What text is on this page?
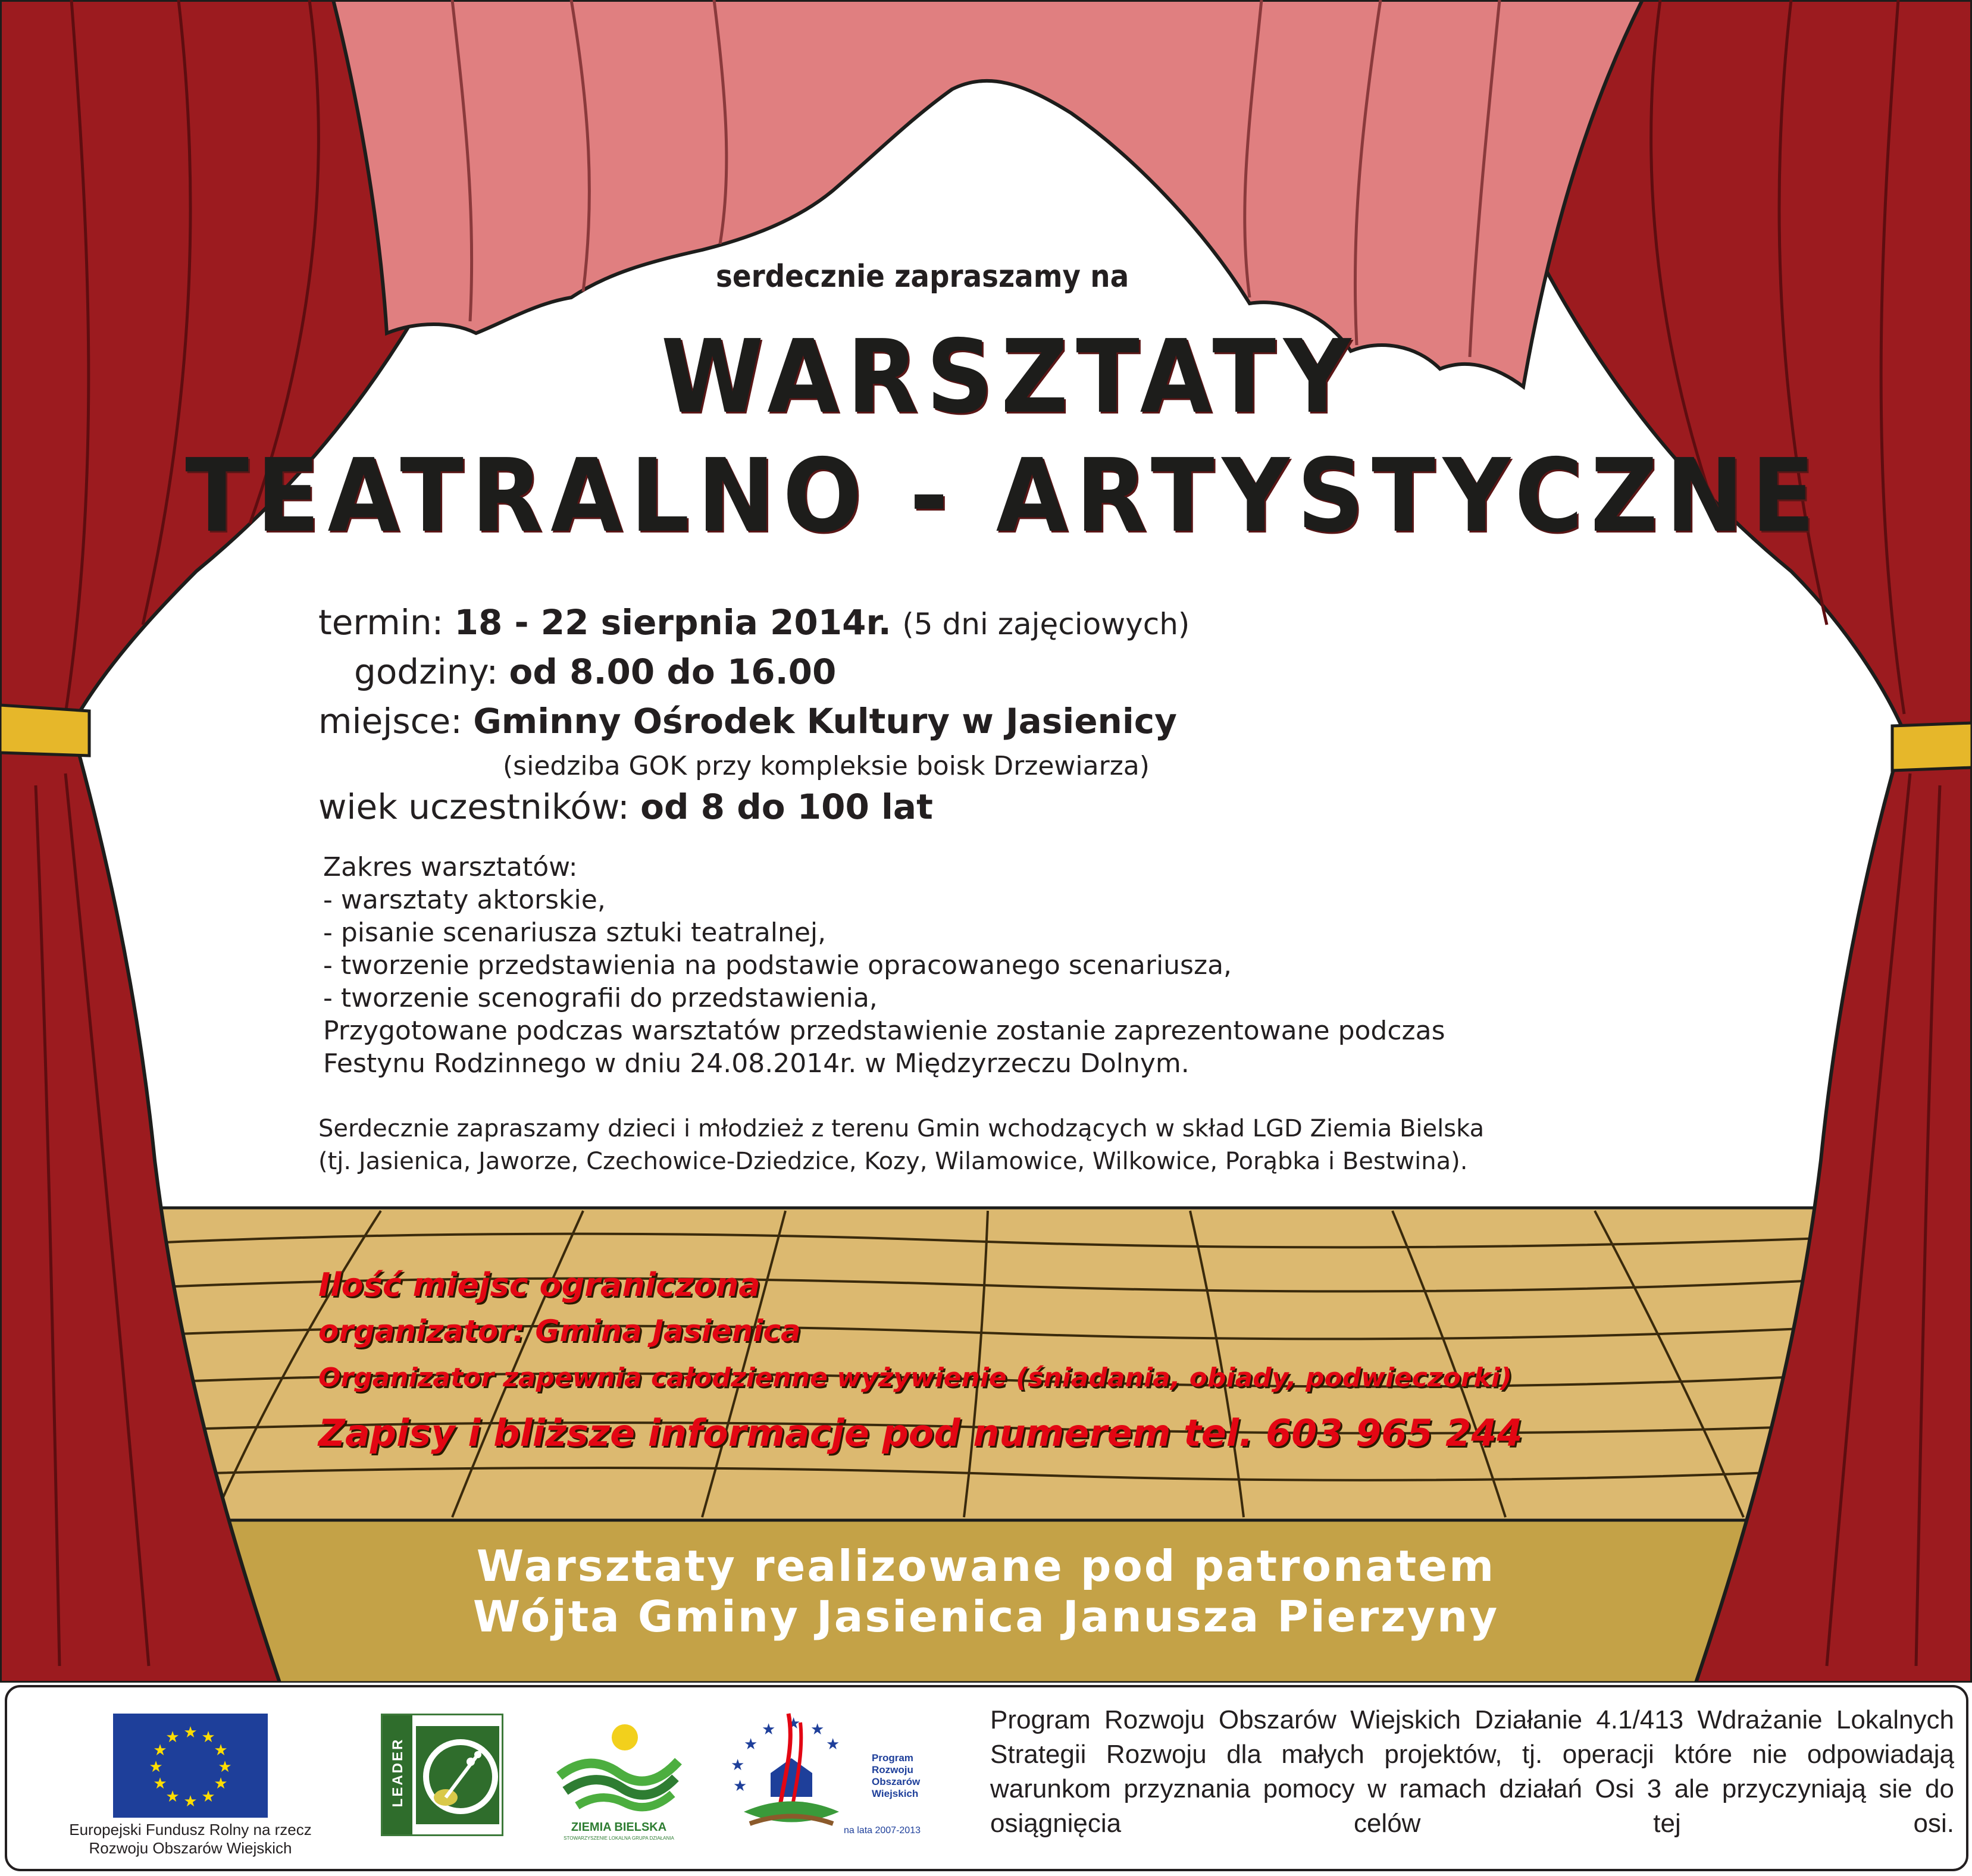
serdecznie zapraszamy na
WARSZTATY
TEATRALNO - ARTYSTYCZNE
termin: 18 - 22 sierpnia 2014r. (5 dni zajęciowych)
godziny: od 8.00 do 16.00
miejsce: Gminny Ośrodek Kultury w Jasienicy
(siedziba GOK przy kompleksie boisk Drzewiarza)
wiek uczestników: od 8 do 100 lat
Zakres warsztatów:
- warsztaty aktorskie,
- pisanie scenariusza sztuki teatralnej,
- tworzenie przedstawienia na podstawie opracowanego scenariusza,
- tworzenie scenografii do przedstawienia,
Przygotowane podczas warsztatów przedstawienie zostanie zaprezentowane podczas
Festynu Rodzinnego w dniu 24.08.2014r. w Międzyrzeczu Dolnym.
Serdecznie zapraszamy dzieci i młodzież z terenu Gmin wchodzących w skład LGD Ziemia Bielska
(tj. Jasienica, Jaworze, Czechowice-Dziedzice, Kozy, Wilamowice, Wilkowice, Porąbka i Bestwina).
Ilość miejsc ograniczona
organizator: Gmina Jasienica
Organizator zapewnia całodzienne wyżywienie (śniadania, obiady, podwieczorki)
Zapisy i bliższe informacje pod numerem tel. 603 965 244
Warsztaty realizowane pod patronatem
Wójta Gminy Jasienica Janusza Pierzyny
★ ★
★
★
★
★
★
★
★
★
★
★
Europejski Fundusz Rolny na rzecz
Rozwoju Obszarów Wiejskich
LEADER
ZIEMIA BIELSKA
STOWARZYSZENIE LOKALNA GRUPA DZIAŁANIA
★
★ ★ ★
★
★
★
Program
Rozwoju
Obszarów
Wiejskich
na lata 2007-2013
Program Rozwoju Obszarów Wiejskich Działanie 4.1/413 Wdrażanie Lokalnych Strategii Rozwoju dla małych projektów, tj. operacji które nie odpowiadają warunkom przyznania pomocy w ramach działań Osi 3 ale przyczyniają sie do osiągnięcia celów tej osi.
